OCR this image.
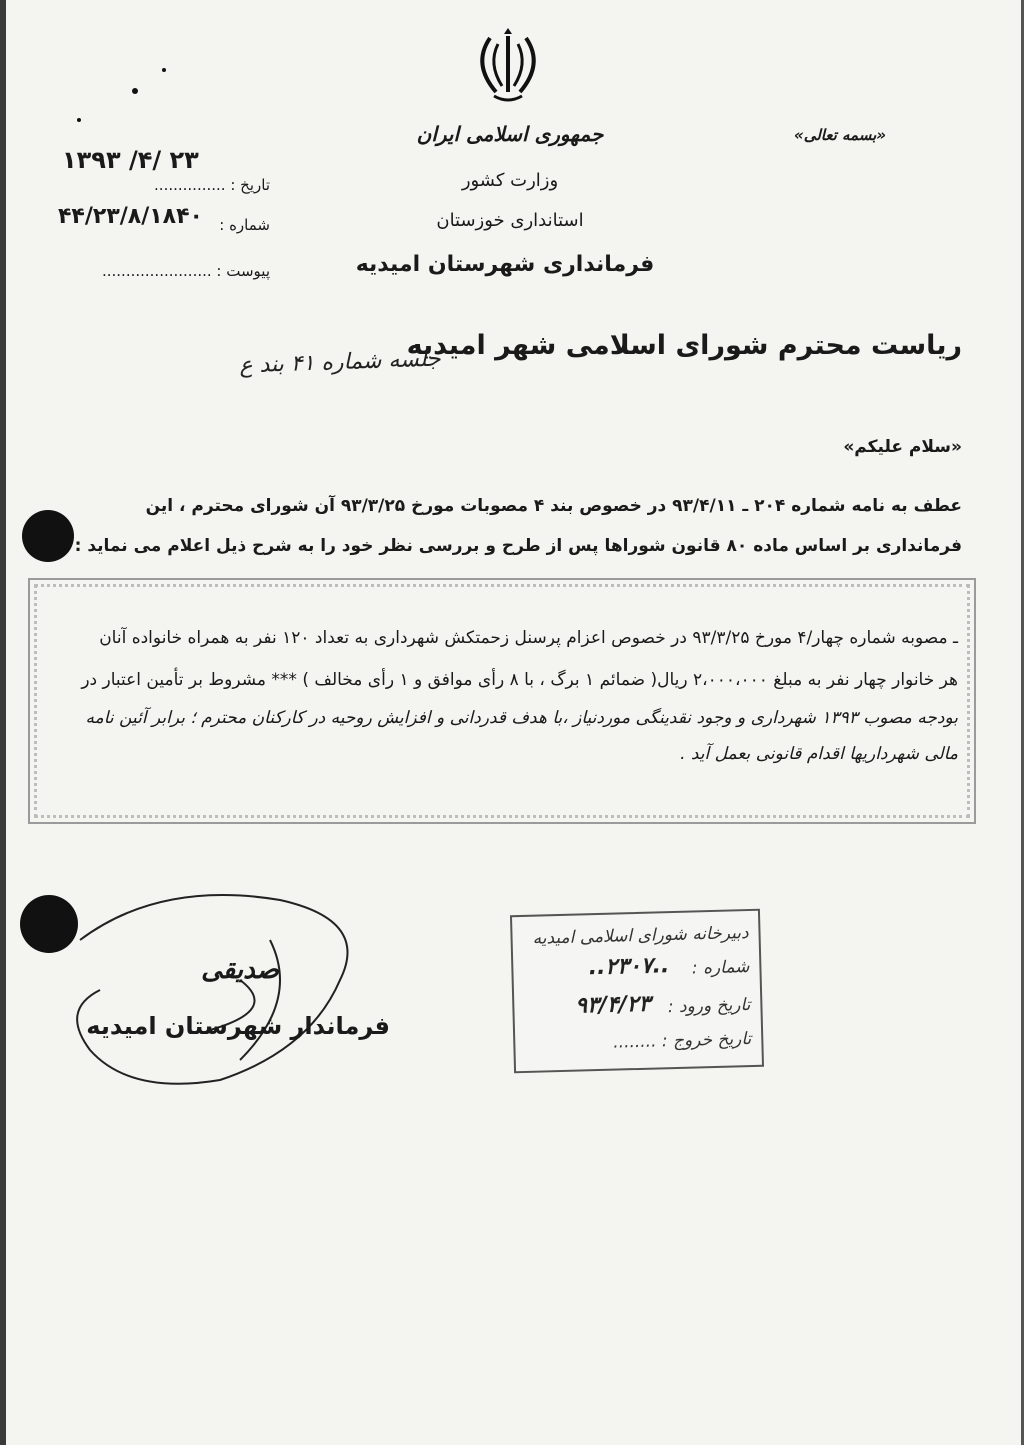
«بسمه تعالی»
جمهوری اسلامی ایران
وزارت کشور
استانداری خوزستان
فرمانداری شهرستان امیدیه
۱۳۹۳ /۴/ ۲۳
تاریخ : ...............
۴۴/۲۳/۸/۱۸۴۰	شماره :
پیوست : .......................
ریاست محترم شورای اسلامی شهر امیدیه
جلسه شماره ۴۱ بند ع
«سلام علیکم»
عطف به نامه شماره ۲۰۴ ـ ۹۳/۴/۱۱ در خصوص بند ۴ مصوبات مورخ ۹۳/۳/۲۵ آن شورای محترم ، این
فرمانداری بر اساس ماده ۸۰ قانون شوراها پس از طرح و بررسی نظر خود را به شرح ذیل اعلام می نماید :
ـ مصوبه شماره چهار/۴ مورخ ۹۳/۳/۲۵ در خصوص اعزام پرسنل زحمتکش شهرداری به تعداد ۱۲۰ نفر به همراه خانواده آنان
هر خانوار چهار نفر به مبلغ ۲،۰۰۰،۰۰۰ ریال( ضمائم ۱ برگ ، با ۸ رأی موافق و ۱ رأی مخالف ) *** مشروط بر تأمین اعتبار در
بودجه مصوب ۱۳۹۳ شهرداری و وجود نقدینگی موردنیاز ،با هدف قدردانی و افزایش روحیه در کارکنان محترم ؛ برابر آئین نامه
مالی شهرداریها اقدام قانونی بعمل آید .
صدیقی
فرماندار شهرستان امیدیه
دبیرخانه شورای اسلامی امیدیه
شماره :
..۲۳۰۷..
تاریخ ورود :
۹۳/۴/۲۳
تاریخ خروج : ........
